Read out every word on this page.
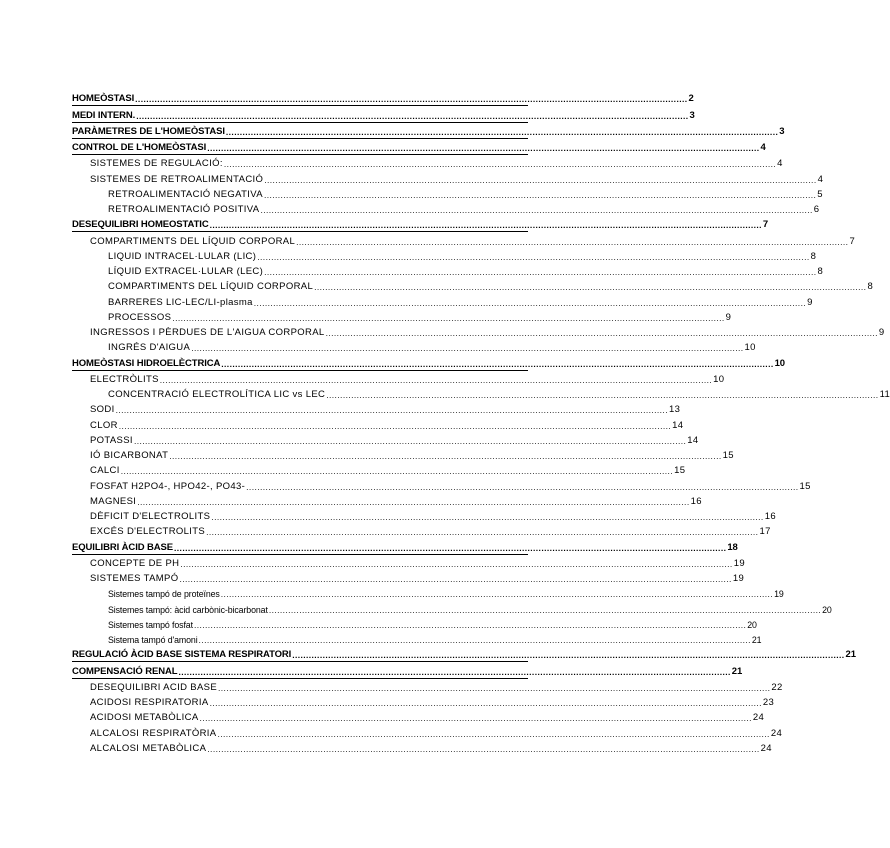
HOMEÒSTASI ........................................................................................................................................................................................................ 2
MEDI INTERN. ........................................................................................................................................................................................................ 3
PARÀMETRES DE L'HOMEÒSTASI ........................................................................................................................................................................................................ 3
CONTROL DE L'HOMEÒSTASI ........................................................................................................................................................................................................ 4
SISTEMES DE REGULACIÓ: ........................................................................................................................................................................................................ 4
SISTEMES DE RETROALIMENTACIÓ ........................................................................................................................................................................................................ 4
RETROALIMENTACIÓ NEGATIVA ........................................................................................................................................................................................................ 5
RETROALIMENTACIÓ POSITIVA ........................................................................................................................................................................................................ 6
DESEQUILIBRI HOMEOSTATIC ........................................................................................................................................................................................................ 7
COMPARTIMENTS DEL LÍQUID CORPORAL ........................................................................................................................................................................................................ 7
LIQUID INTRACEL·LULAR (LIC) ........................................................................................................................................................................................................ 8
LÍQUID EXTRACEL·LULAR (LEC) ........................................................................................................................................................................................................ 8
COMPARTIMENTS DEL LÍQUID CORPORAL ........................................................................................................................................................................................................ 8
BARRERES LIC-LEC/LI-plasma ........................................................................................................................................................................................................ 9
PROCESSOS ........................................................................................................................................................................................................ 9
INGRESSOS I PÈRDUES DE L'AIGUA CORPORAL ........................................................................................................................................................................................................ 9
INGRÉS D'AIGUA ........................................................................................................................................................................................................ 10
HOMEÒSTASI HIDROELÈCTRICA ........................................................................................................................................................................................................ 10
ELECTRÒLITS ........................................................................................................................................................................................................ 10
CONCENTRACIÓ ELECTROLÍTICA LIC vs LEC ........................................................................................................................................................................................................ 11
SODI ........................................................................................................................................................................................................ 13
CLOR ........................................................................................................................................................................................................ 14
POTASSI ........................................................................................................................................................................................................ 14
IÓ BICARBONAT ........................................................................................................................................................................................................ 15
CALCI ........................................................................................................................................................................................................ 15
FOSFAT H2PO4-, HPO42-, PO43- ........................................................................................................................................................................................................ 15
MAGNESI ........................................................................................................................................................................................................ 16
DÈFICIT D'ELECTROLITS ........................................................................................................................................................................................................ 16
EXCÉS D'ELECTROLITS ........................................................................................................................................................................................................ 17
EQUILIBRI ÀCID BASE ........................................................................................................................................................................................................ 18
CONCEPTE DE PH ........................................................................................................................................................................................................ 19
SISTEMES TAMPÓ ........................................................................................................................................................................................................ 19
Sistemes tampó de proteïnes ........................................................................................................................................................................................................ 19
Sistemes tampó: àcid carbònic-bicarbonat ........................................................................................................................................................................................................ 20
Sistemes tampó fosfat ........................................................................................................................................................................................................ 20
Sistema tampó d'amoni ........................................................................................................................................................................................................ 21
REGULACIÓ ÀCID BASE SISTEMA RESPIRATORI ........................................................................................................................................................................................................ 21
COMPENSACIÓ RENAL ........................................................................................................................................................................................................ 21
DESEQUILIBRI ACID BASE ........................................................................................................................................................................................................ 22
ACIDOSI RESPIRATORIA ........................................................................................................................................................................................................ 23
ACIDOSI METABÒLICA ........................................................................................................................................................................................................ 24
ALCALOSI RESPIRATÒRIA ........................................................................................................................................................................................................ 24
ALCALOSI METABÒLICA ........................................................................................................................................................................................................ 24
